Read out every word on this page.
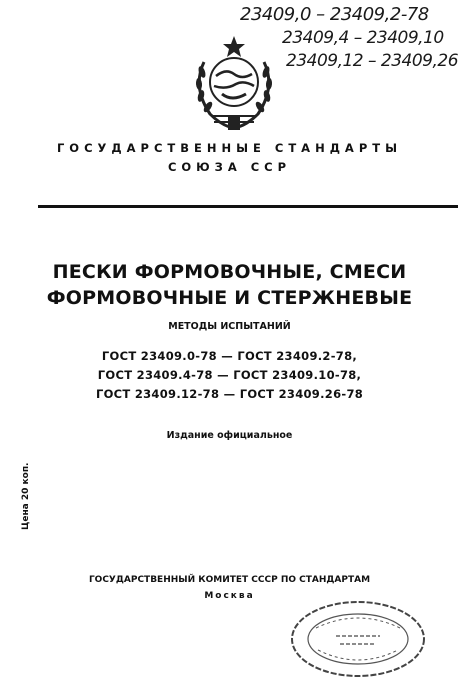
23409,0 – 23409,2-78
23409,4 – 23409,10
23409,12 – 23409,26
ГОСУДАРСТВЕННЫЕ СТАНДАРТЫ
СОЮЗА ССР
ПЕСКИ ФОРМОВОЧНЫЕ, СМЕСИ
ФОРМОВОЧНЫЕ И СТЕРЖНЕВЫЕ
МЕТОДЫ ИСПЫТАНИЙ
ГОСТ 23409.0-78 — ГОСТ 23409.2-78,
ГОСТ 23409.4-78 — ГОСТ 23409.10-78,
ГОСТ 23409.12-78 — ГОСТ 23409.26-78
Издание официальное
Цена 20 коп.
ГОСУДАРСТВЕННЫЙ КОМИТЕТ СССР ПО СТАНДАРТАМ
Москва
